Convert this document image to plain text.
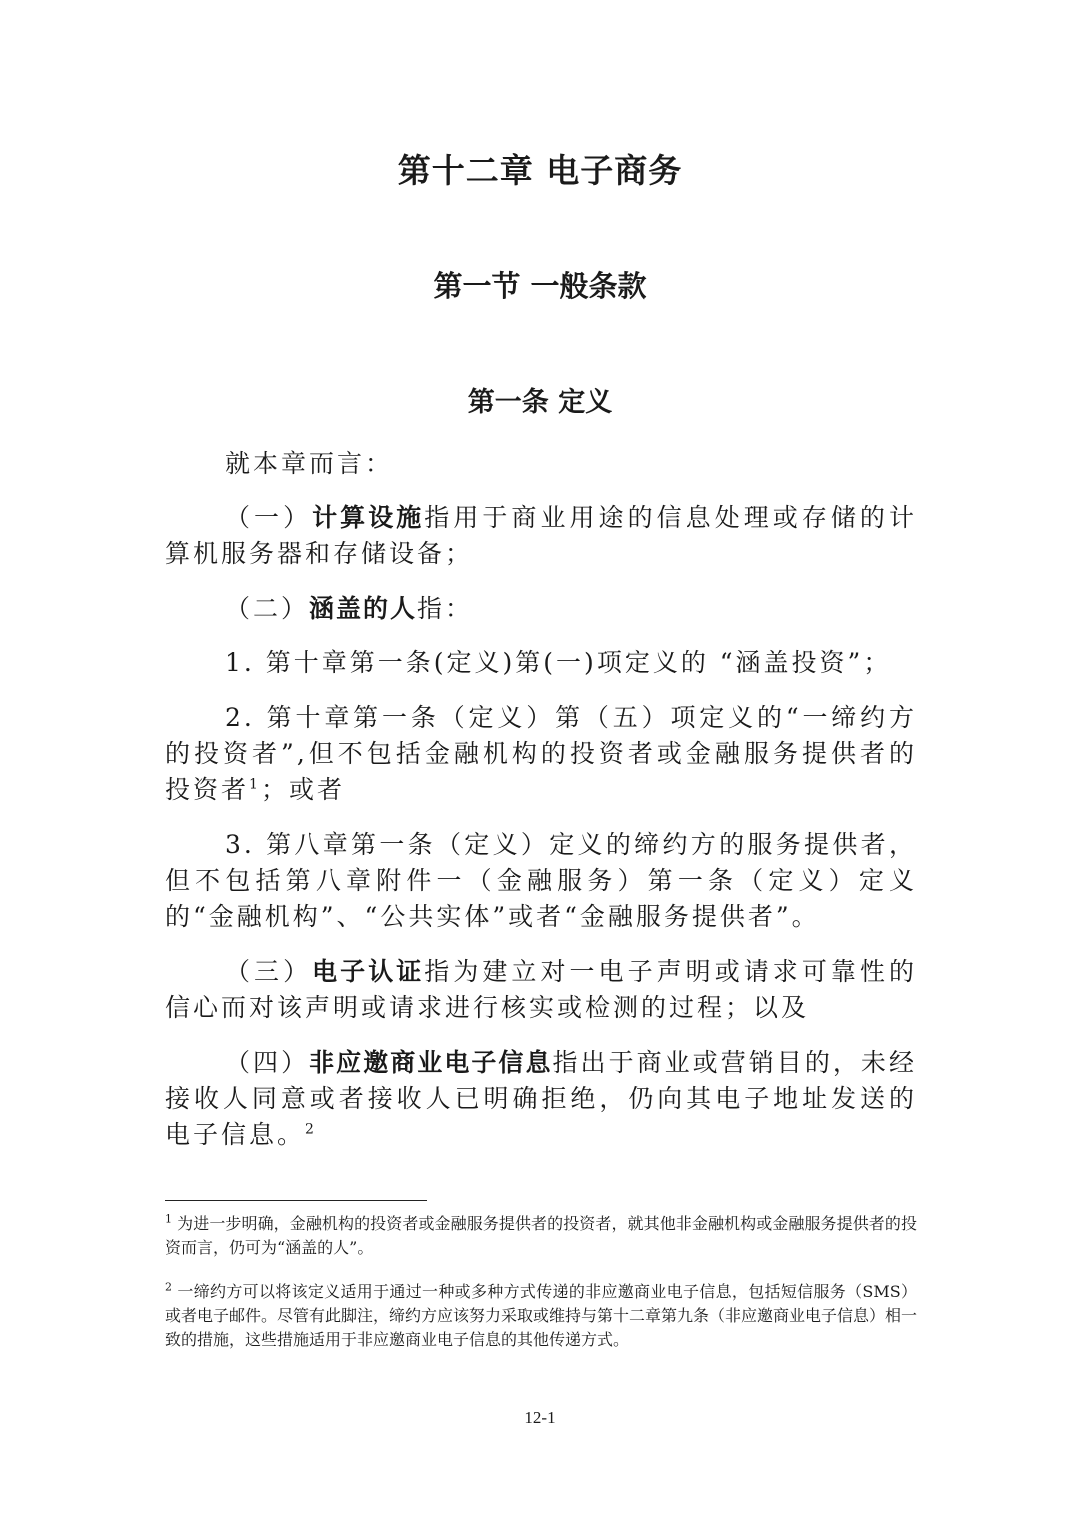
第十二章 电子商务
第一节 一般条款
第一条 定义

就本章而言：

（一）计算设施指用于商业用途的信息处理或存储的计算机服务器和存储设备；

（二）涵盖的人指：

1. 第十章第一条(定义)第(一)项定义的 “涵盖投资”；

2. 第十章第一条（定义）第（五）项定义的“一缔约方的投资者”,但不包括金融机构的投资者或金融服务提供者的投资者$^1$；或者

3. 第八章第一条（定义）定义的缔约方的服务提供者，但不包括第八章附件一（金融服务）第一条（定义）定义的“金融机构”、“公共实体”或者“金融服务提供者”。

（三）电子认证指为建立对一电子声明或请求可靠性的信心而对该声明或请求进行核实或检测的过程；以及

（四）非应邀商业电子信息指出于商业或营销目的，未经接收人同意或者接收人已明确拒绝，仍向其电子地址发送的电子信息。$^2$

$^1$ 为进一步明确，金融机构的投资者或金融服务提供者的投资者，就其他非金融机构或金融服务提供者的投资而言，仍可为“涵盖的人”。

$^2$ 一缔约方可以将该定义适用于通过一种或多种方式传递的非应邀商业电子信息，包括短信服务（SMS）或者电子邮件。尽管有此脚注，缔约方应该努力采取或维持与第十二章第九条（非应邀商业电子信息）相一致的措施，这些措施适用于非应邀商业电子信息的其他传递方式。

12-1
